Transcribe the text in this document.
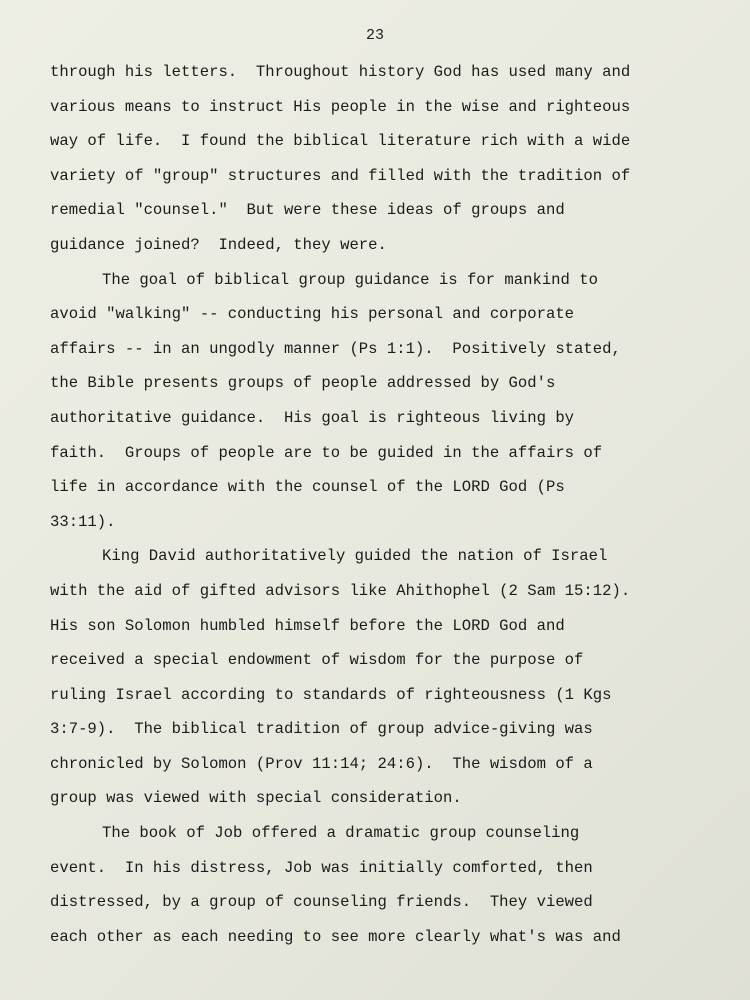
23
through his letters.  Throughout history God has used many and
various means to instruct His people in the wise and righteous
way of life.  I found the biblical literature rich with a wide
variety of "group" structures and filled with the tradition of
remedial "counsel."  But were these ideas of groups and
guidance joined?  Indeed, they were.
The goal of biblical group guidance is for mankind to
avoid "walking" -- conducting his personal and corporate
affairs -- in an ungodly manner (Ps 1:1).  Positively stated,
the Bible presents groups of people addressed by God's
authoritative guidance.  His goal is righteous living by
faith.  Groups of people are to be guided in the affairs of
life in accordance with the counsel of the LORD God (Ps
33:11).
King David authoritatively guided the nation of Israel
with the aid of gifted advisors like Ahithophel (2 Sam 15:12).
His son Solomon humbled himself before the LORD God and
received a special endowment of wisdom for the purpose of
ruling Israel according to standards of righteousness (1 Kgs
3:7-9).  The biblical tradition of group advice-giving was
chronicled by Solomon (Prov 11:14; 24:6).  The wisdom of a
group was viewed with special consideration.
The book of Job offered a dramatic group counseling
event.  In his distress, Job was initially comforted, then
distressed, by a group of counseling friends.  They viewed
each other as each needing to see more clearly what's was and
